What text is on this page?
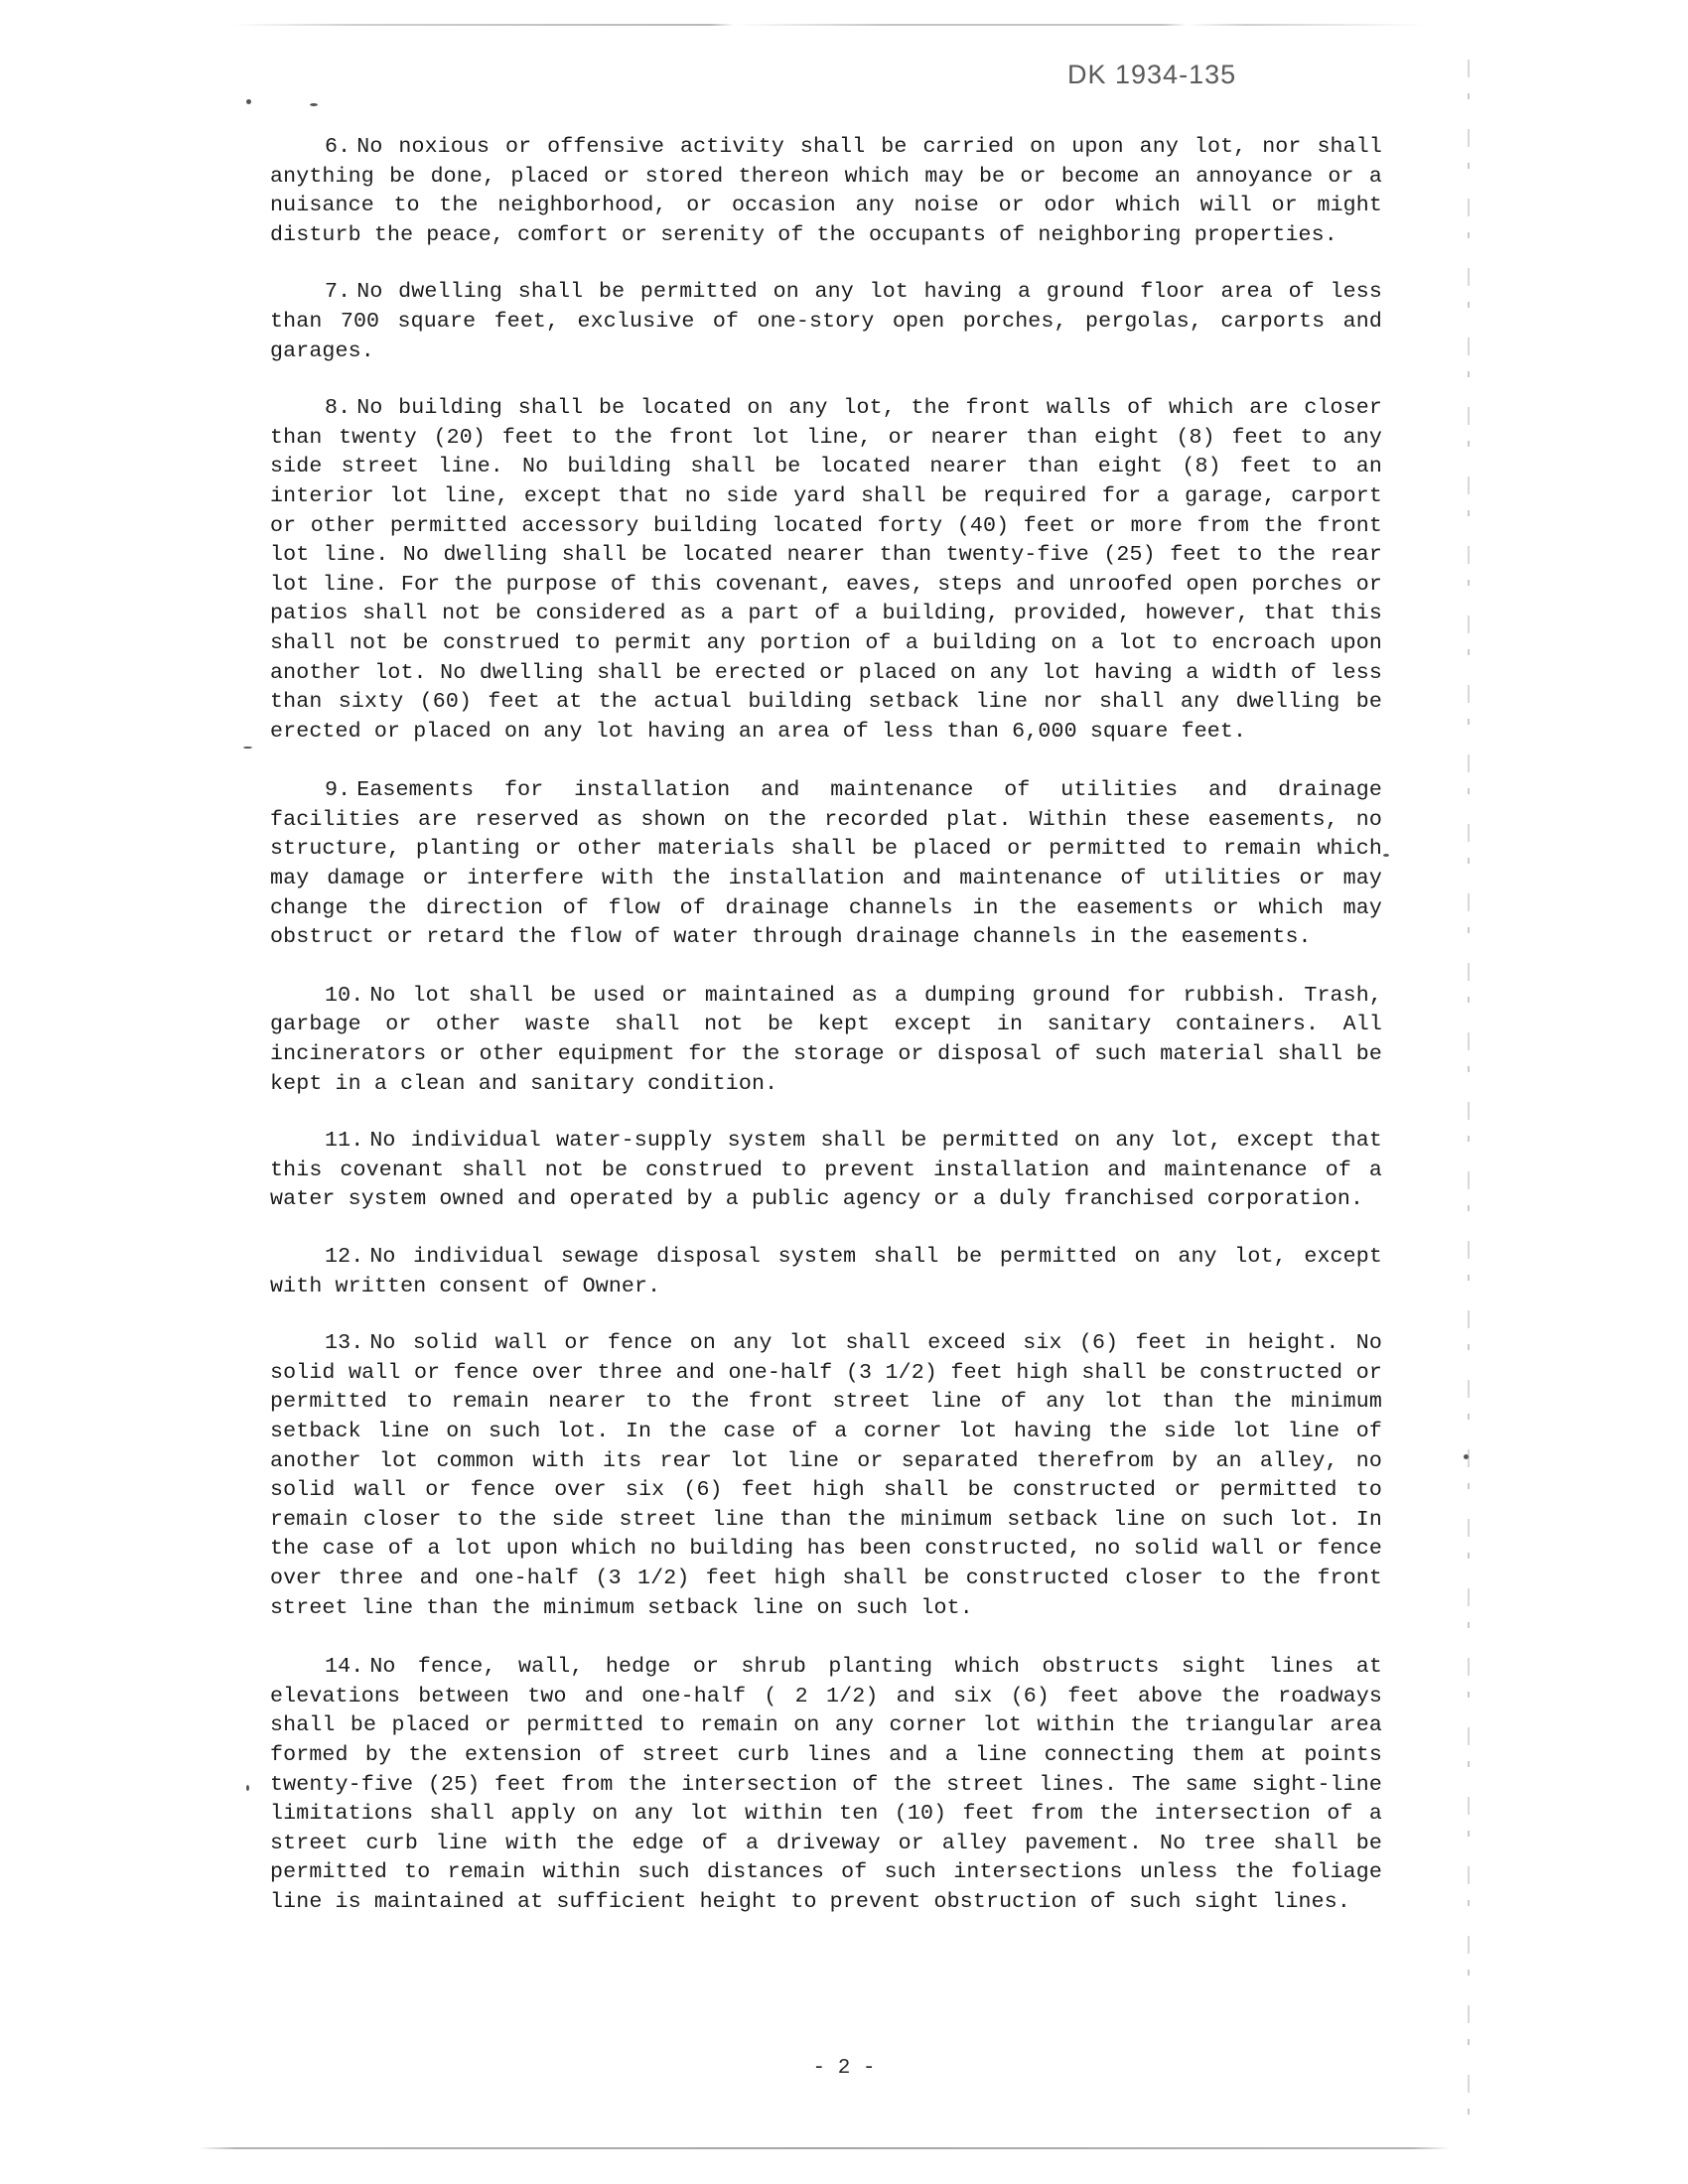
DK 1934-135

6. No noxious or offensive activity shall be carried on upon any lot, nor shall anything be done, placed or stored thereon which may be or become an annoyance or a nuisance to the neighborhood, or occasion any noise or odor which will or might disturb the peace, comfort or serenity of the occupants of neighboring properties.

7. No dwelling shall be permitted on any lot having a ground floor area of less than 700 square feet, exclusive of one-story open porches, pergolas, carports and garages.

8. No building shall be located on any lot, the front walls of which are closer than twenty (20) feet to the front lot line, or nearer than eight (8) feet to any side street line. No building shall be located nearer than eight (8) feet to an interior lot line, except that no side yard shall be required for a garage, carport or other permitted accessory building located forty (40) feet or more from the front lot line. No dwelling shall be located nearer than twenty-five (25) feet to the rear lot line. For the purpose of this covenant, eaves, steps and unroofed open porches or patios shall not be considered as a part of a building, provided, however, that this shall not be construed to permit any portion of a building on a lot to encroach upon another lot. No dwelling shall be erected or placed on any lot having a width of less than sixty (60) feet at the actual building setback line nor shall any dwelling be erected or placed on any lot having an area of less than 6,000 square feet.

9. Easements for installation and maintenance of utilities and drainage facilities are reserved as shown on the recorded plat. Within these easements, no structure, planting or other materials shall be placed or permitted to remain which may damage or interfere with the installation and maintenance of utilities or may change the direction of flow of drainage channels in the easements or which may obstruct or retard the flow of water through drainage channels in the easements.

10. No lot shall be used or maintained as a dumping ground for rubbish. Trash, garbage or other waste shall not be kept except in sanitary containers. All incinerators or other equipment for the storage or disposal of such material shall be kept in a clean and sanitary condition.

11. No individual water-supply system shall be permitted on any lot, except that this covenant shall not be construed to prevent installation and maintenance of a water system owned and operated by a public agency or a duly franchised corporation.

12. No individual sewage disposal system shall be permitted on any lot, except with written consent of Owner.

13. No solid wall or fence on any lot shall exceed six (6) feet in height. No solid wall or fence over three and one-half (3 1/2) feet high shall be constructed or permitted to remain nearer to the front street line of any lot than the minimum setback line on such lot. In the case of a corner lot having the side lot line of another lot common with its rear lot line or separated therefrom by an alley, no solid wall or fence over six (6) feet high shall be constructed or permitted to remain closer to the side street line than the minimum setback line on such lot. In the case of a lot upon which no building has been constructed, no solid wall or fence over three and one-half (3 1/2) feet high shall be constructed closer to the front street line than the minimum setback line on such lot.

14. No fence, wall, hedge or shrub planting which obstructs sight lines at elevations between two and one-half ( 2 1/2) and six (6) feet above the roadways shall be placed or permitted to remain on any corner lot within the triangular area formed by the extension of street curb lines and a line connecting them at points twenty-five (25) feet from the intersection of the street lines. The same sight-line limitations shall apply on any lot within ten (10) feet from the intersection of a street curb line with the edge of a driveway or alley pavement. No tree shall be permitted to remain within such distances of such intersections unless the foliage line is maintained at sufficient height to prevent obstruction of such sight lines.

- 2 -
